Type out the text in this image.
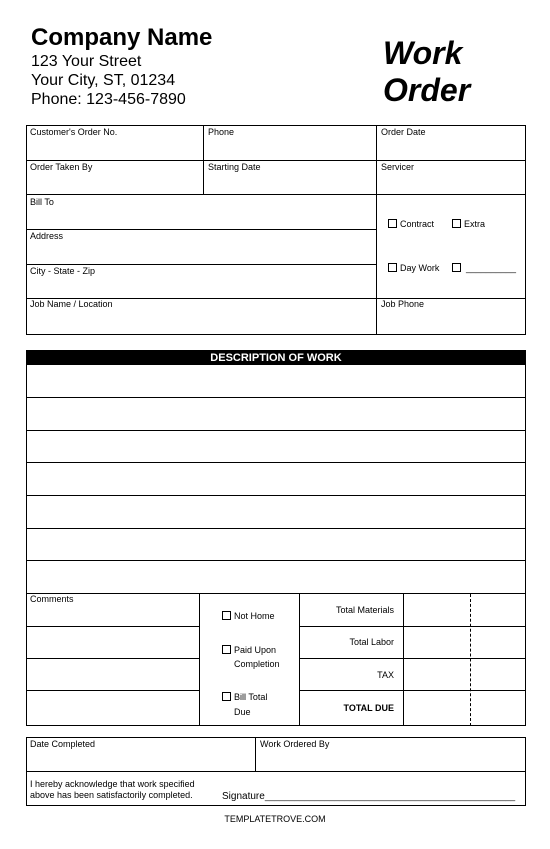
Company Name
123 Your Street
Your City, ST, 01234
Phone: 123-456-7890
Work
Order
Customer's Order No.	Phone	Order Date
Order Taken By	Starting Date	Servicer
Bill To
Address
City - State - Zip
Job Name / Location	Job Phone
Contract	Extra
Day Work	__________
DESCRIPTION OF WORK
Comments
Not Home
Paid Upon
Completion
Bill Total
Due
Total Materials
Total Labor
TAX
TOTAL DUE
Date Completed	Work Ordered By
I hereby acknowledge that work specified
above has been satisfactorily completed.	Signature__________________________________________________
TEMPLATETROVE.COM
